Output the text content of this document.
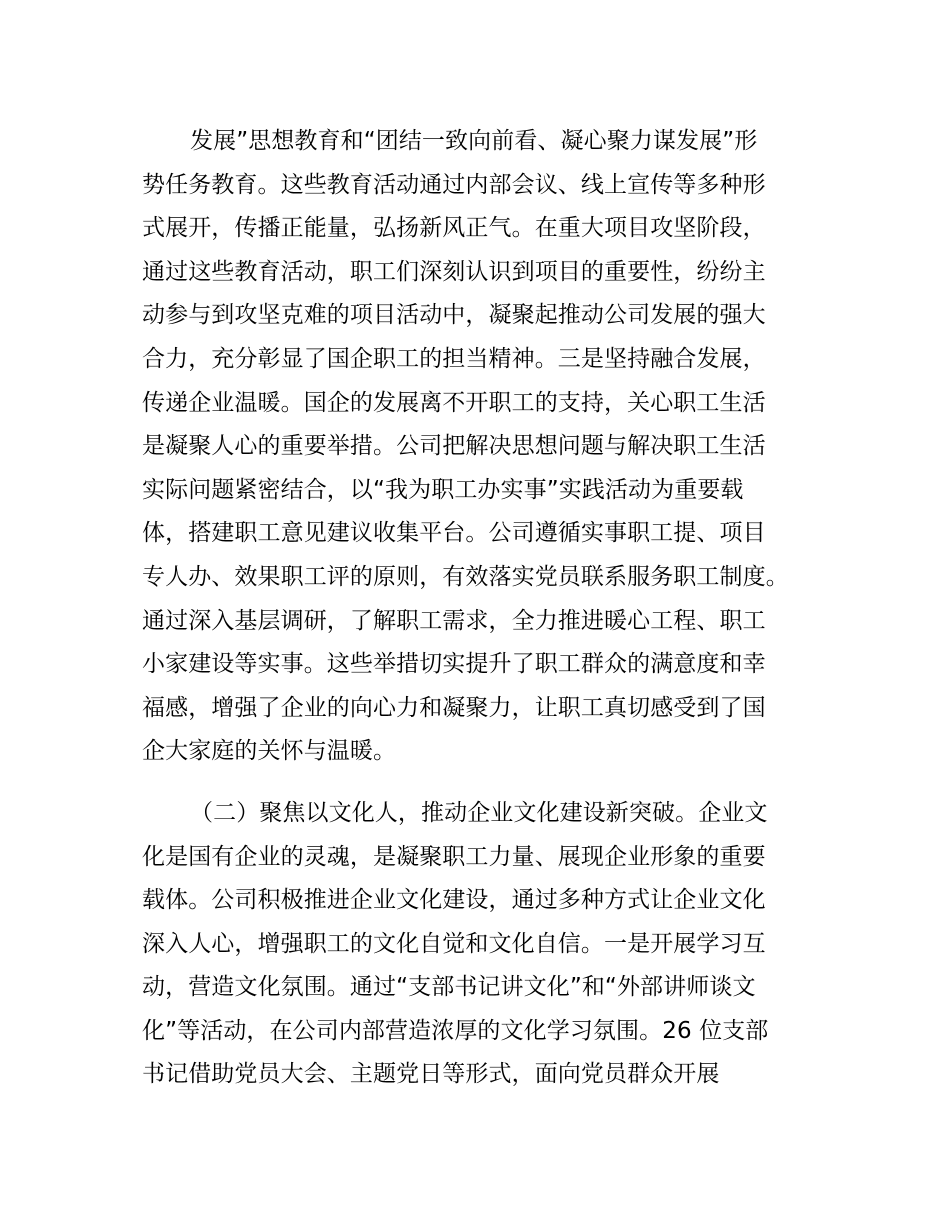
发展”思想教育和“团结一致向前看、凝心聚力谋发展”形
势任务教育。这些教育活动通过内部会议、线上宣传等多种形
式展开，传播正能量，弘扬新风正气。在重大项目攻坚阶段，
通过这些教育活动，职工们深刻认识到项目的重要性，纷纷主
动参与到攻坚克难的项目活动中，凝聚起推动公司发展的强大
合力，充分彰显了国企职工的担当精神。三是坚持融合发展，
传递企业温暖。国企的发展离不开职工的支持，关心职工生活
是凝聚人心的重要举措。公司把解决思想问题与解决职工生活
实际问题紧密结合，以“我为职工办实事”实践活动为重要载
体，搭建职工意见建议收集平台。公司遵循实事职工提、项目
专人办、效果职工评的原则，有效落实党员联系服务职工制度。
通过深入基层调研，了解职工需求，全力推进暖心工程、职工
小家建设等实事。这些举措切实提升了职工群众的满意度和幸
福感，增强了企业的向心力和凝聚力，让职工真切感受到了国
企大家庭的关怀与温暖。
（二）聚焦以文化人，推动企业文化建设新突破。企业文
化是国有企业的灵魂，是凝聚职工力量、展现企业形象的重要
载体。公司积极推进企业文化建设，通过多种方式让企业文化
深入人心，增强职工的文化自觉和文化自信。一是开展学习互
动，营造文化氛围。通过“支部书记讲文化”和“外部讲师谈文
化”等活动，在公司内部营造浓厚的文化学习氛围。26 位支部
书记借助党员大会、主题党日等形式，面向党员群众开展
